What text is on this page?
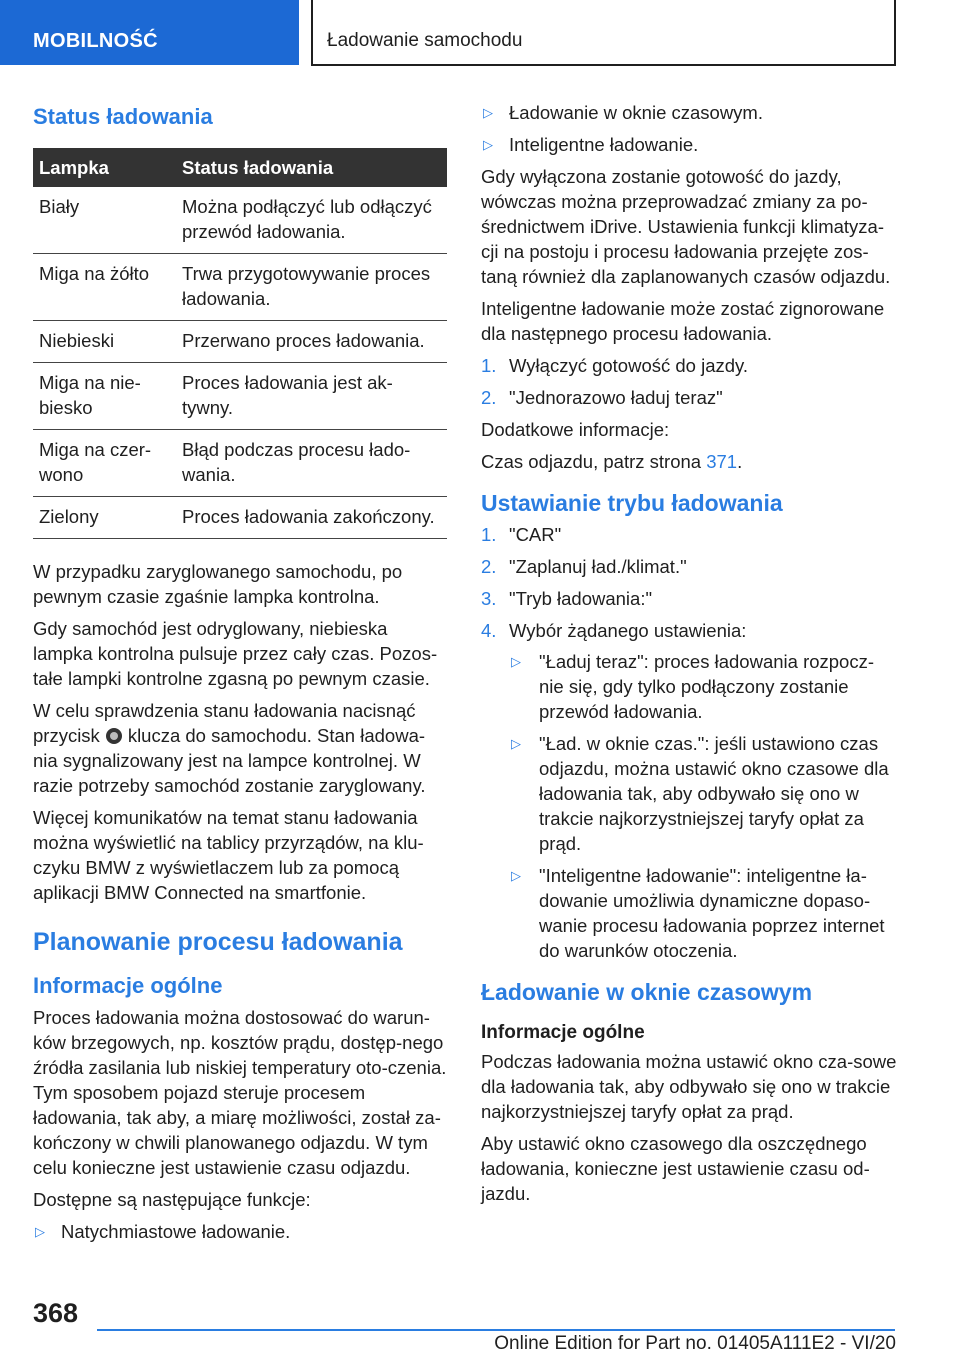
MOBILNOŚĆ	Ładowanie samochodu
Status ładowania
Lampka	Status ładowania
Biały	Można podłączyć lub odłączyć przewód ładowania.
Miga na żółto	Trwa przygotowywanie proces ładowania.
Niebieski	Przerwano proces ładowania.
Miga na nie-biesko	Proces ładowania jest ak-tywny.
Miga na czer-wono	Błąd podczas procesu łado-wania.
Zielony	Proces ładowania zakończony.

W przypadku zaryglowanego samochodu, po pewnym czasie zgaśnie lampka kontrolna.

Gdy samochód jest odryglowany, niebieska lampka kontrolna pulsuje przez cały czas. Pozos-tałe lampki kontrolne zgasną po pewnym czasie.

W celu sprawdzenia stanu ładowania nacisnąć przycisk klucza do samochodu. Stan ładowa-nia sygnalizowany jest na lampce kontrolnej. W razie potrzeby samochód zostanie zaryglowany.

Więcej komunikatów na temat stanu ładowania można wyświetlić na tablicy przyrządów, na klu-czyku BMW z wyświetlaczem lub za pomocą aplikacji BMW Connected na smartfonie.

Planowanie procesu ładowania
Informacje ogólne

Proces ładowania można dostosować do warun-ków brzegowych, np. kosztów prądu, dostęp-nego źródła zasilania lub niskiej temperatury oto-czenia. Tym sposobem pojazd steruje procesem ładowania, tak aby, a miarę możliwości, został za-kończony w chwili planowanego odjazdu. W tym celu konieczne jest ustawienie czasu odjazdu.

Dostępne są następujące funkcje:

▷ Natychmiastowe ładowanie.
▷ Ładowanie w oknie czasowym.
▷ Inteligentne ładowanie.

Gdy wyłączona zostanie gotowość do jazdy, wówczas można przeprowadzać zmiany za po-średnictwem iDrive. Ustawienia funkcji klimatyza-cji na postoju i procesu ładowania przejęte zos-taną również dla zaplanowanych czasów odjazdu.

Inteligentne ładowanie może zostać zignorowane dla następnego procesu ładowania.

1. Wyłączyć gotowość do jazdy.
2. "Jednorazowo ładuj teraz"

Dodatkowe informacje:

Czas odjazdu, patrz strona 371.

Ustawianie trybu ładowania
1. "CAR"
2. "Zaplanuj ład./klimat."
3. "Tryb ładowania:"
4. Wybór żądanego ustawienia:
▷ "Ładuj teraz": proces ładowania rozpocz-nie się, gdy tylko podłączony zostanie przewód ładowania.
▷ "Ład. w oknie czas.": jeśli ustawiono czas odjazdu, można ustawić okno czasowe dla ładowania tak, aby odbywało się ono w trakcie najkorzystniejszej taryfy opłat za prąd.
▷ "Inteligentne ładowanie": inteligentne ła-dowanie umożliwia dynamiczne dopaso-wanie procesu ładowania poprzez internet do warunków otoczenia.
Ładowanie w oknie czasowym
Informacje ogólne

Podczas ładowania można ustawić okno cza-sowe dla ładowania tak, aby odbywało się ono w trakcie najkorzystniejszej taryfy opłat za prąd.

Aby ustawić okno czasowego dla oszczędnego ładowania, konieczne jest ustawienie czasu od-jazdu.

368
Online Edition for Part no. 01405A111E2 - VI/20
